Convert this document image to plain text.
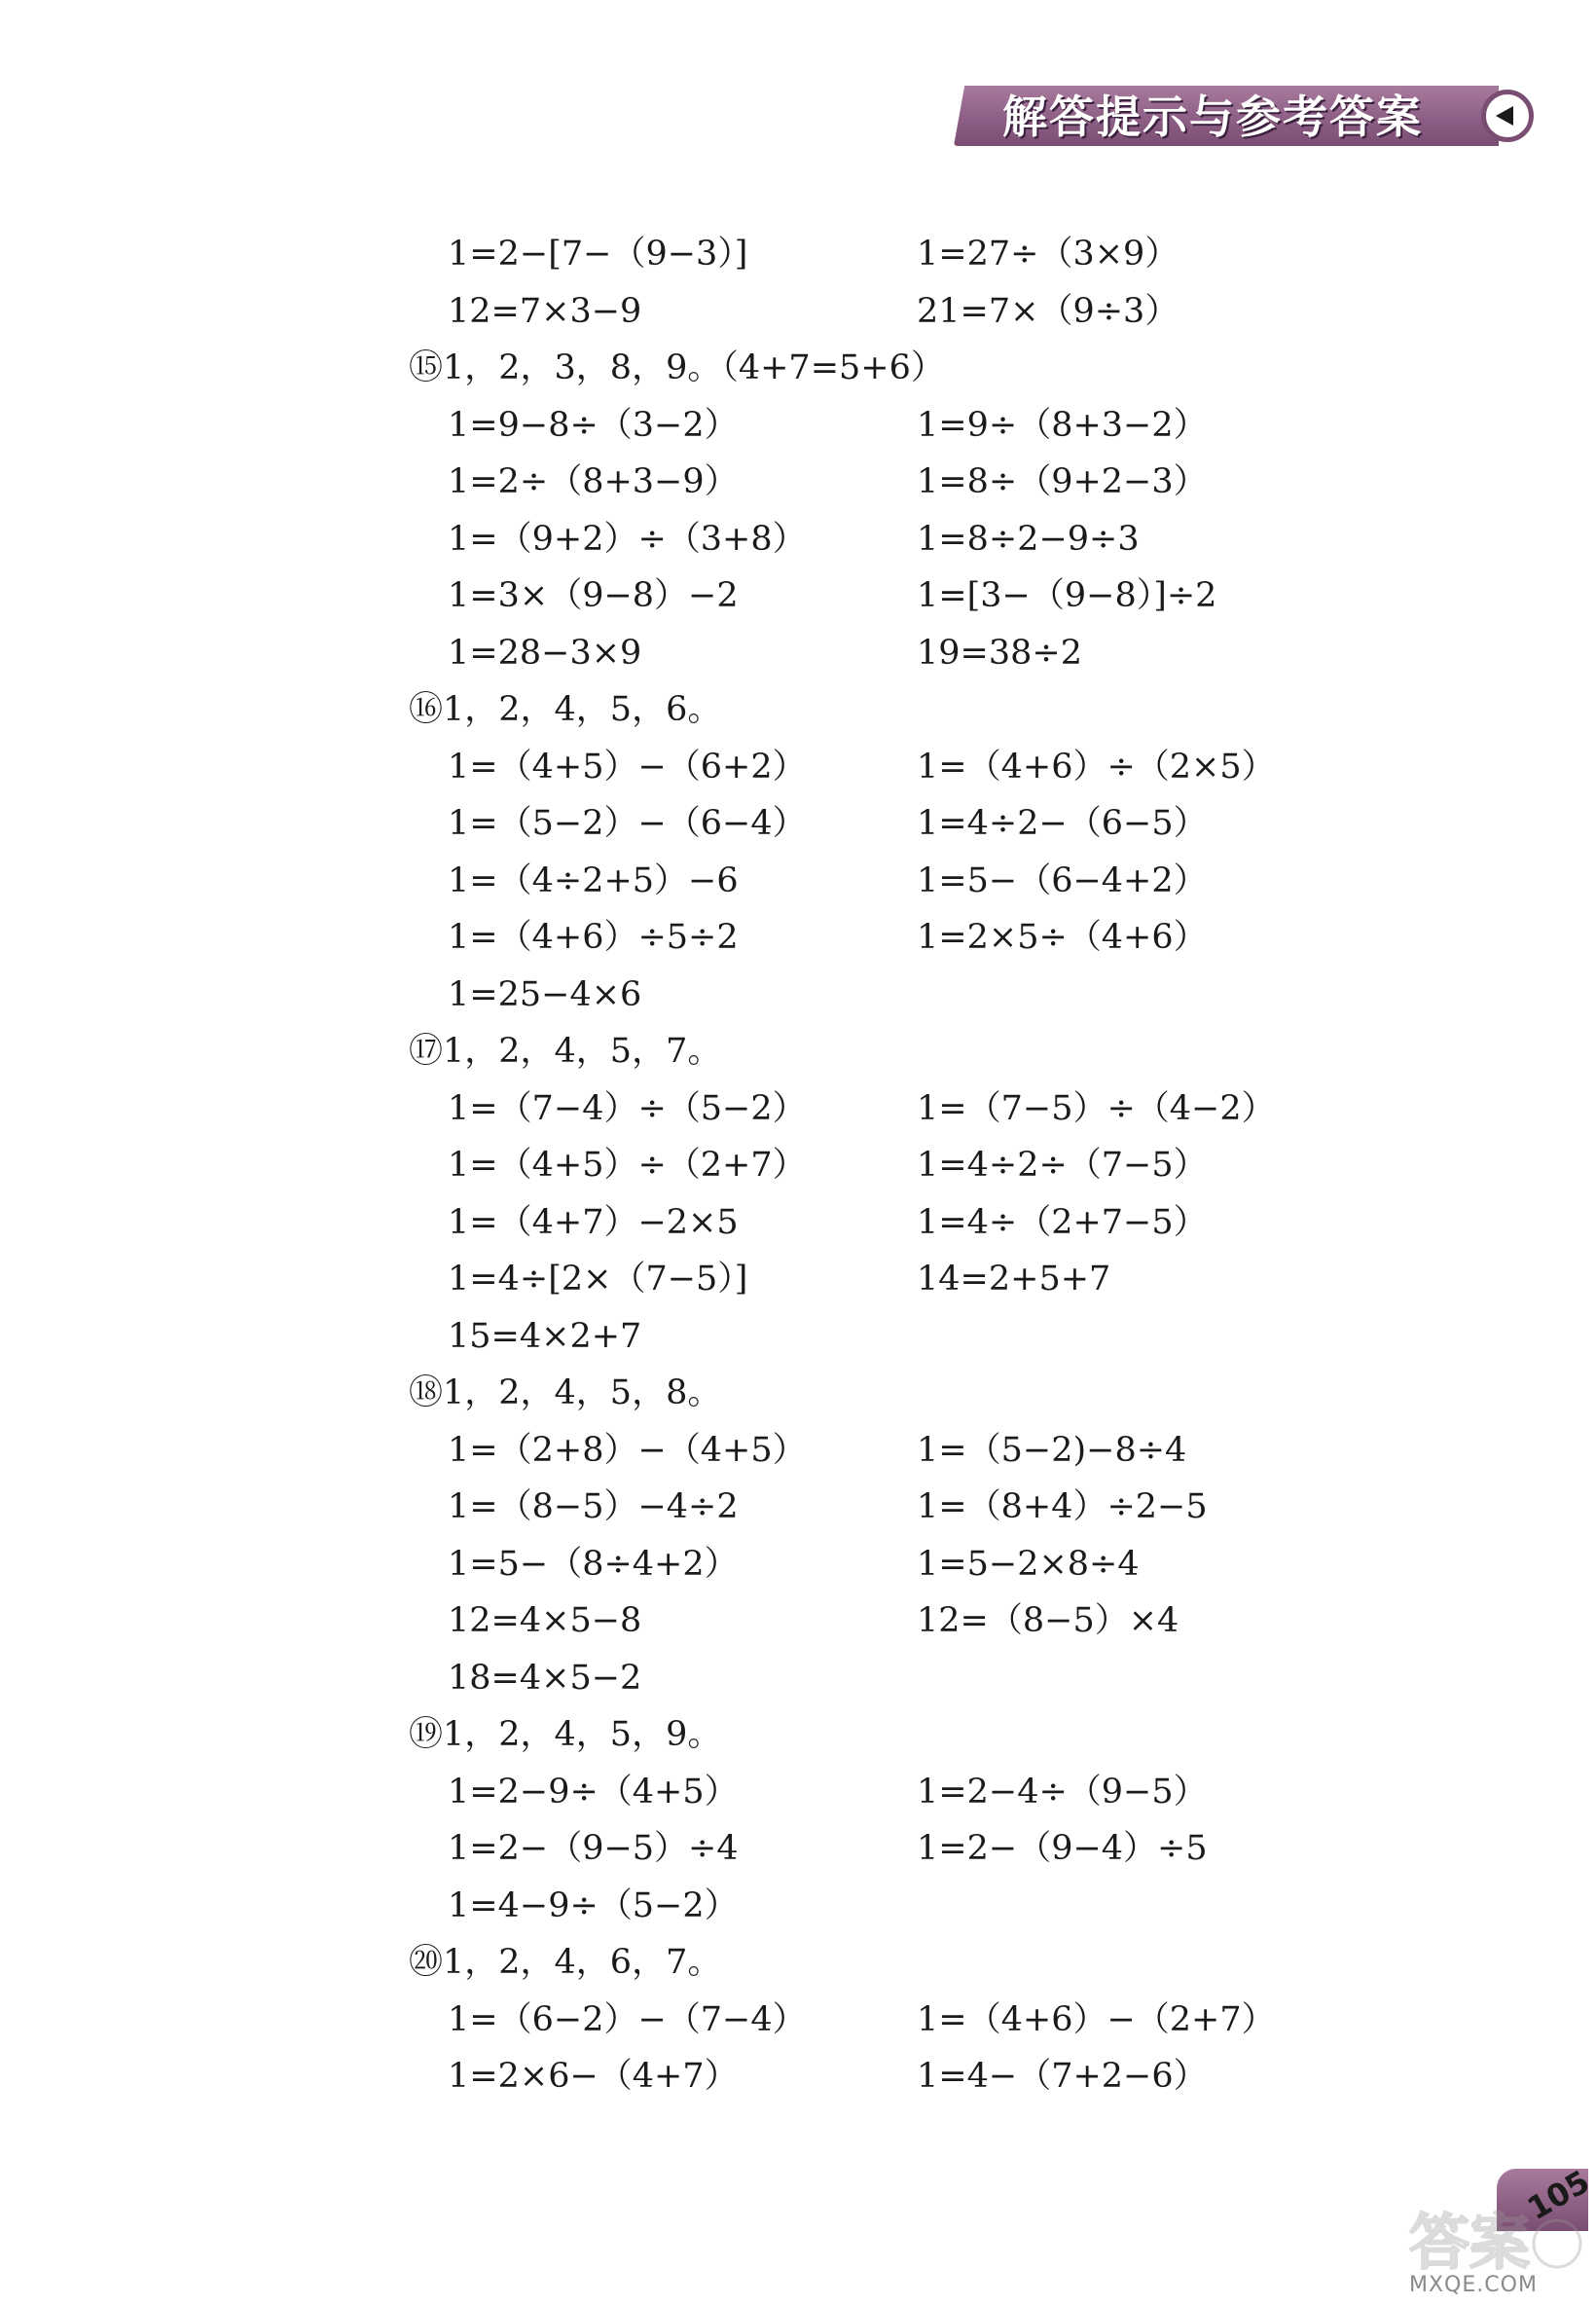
解答提示与参考答案
1=2−[7−（9−3）]	1=27÷（3×9）
12=7×3−9	21=7×（9÷3）
⑮1，2，3，8，9。（4+7=5+6）
1=9−8÷（3−2）	1=9÷（8+3−2）
1=2÷（8+3−9）	1=8÷（9+2−3）
1=（9+2）÷（3+8）	1=8÷2−9÷3
1=3×（9−8）−2	1=[3−（9−8）]÷2
1=28−3×9	19=38÷2
⑯1，2，4，5，6。
1=（4+5）−（6+2）	1=（4+6）÷（2×5）
1=（5−2）−（6−4）	1=4÷2−（6−5）
1=（4÷2+5）−6	1=5−（6−4+2）
1=（4+6）÷5÷2	1=2×5÷（4+6）
1=25−4×6
⑰1，2，4，5，7。
1=（7−4）÷（5−2）	1=（7−5）÷（4−2）
1=（4+5）÷（2+7）	1=4÷2÷（7−5）
1=（4+7）−2×5	1=4÷（2+7−5）
1=4÷[2×（7−5）]	14=2+5+7
15=4×2+7
⑱1，2，4，5，8。
1=（2+8）−（4+5）	1=（5−2)−8÷4
1=（8−5）−4÷2	1=（8+4）÷2−5
1=5−（8÷4+2）	1=5−2×8÷4
12=4×5−8	12=（8−5）×4
18=4×5−2
⑲1，2，4，5，9。
1=2−9÷（4+5）	1=2−4÷（9−5）
1=2−（9−5）÷4	1=2−（9−4）÷5
1=4−9÷（5−2）
⑳1，2，4，6，7。
1=（6−2）−（7−4）	1=（4+6）−（2+7）
1=2×6−（4+7）	1=4−（7+2−6）
105
答案
MXQE.COM
